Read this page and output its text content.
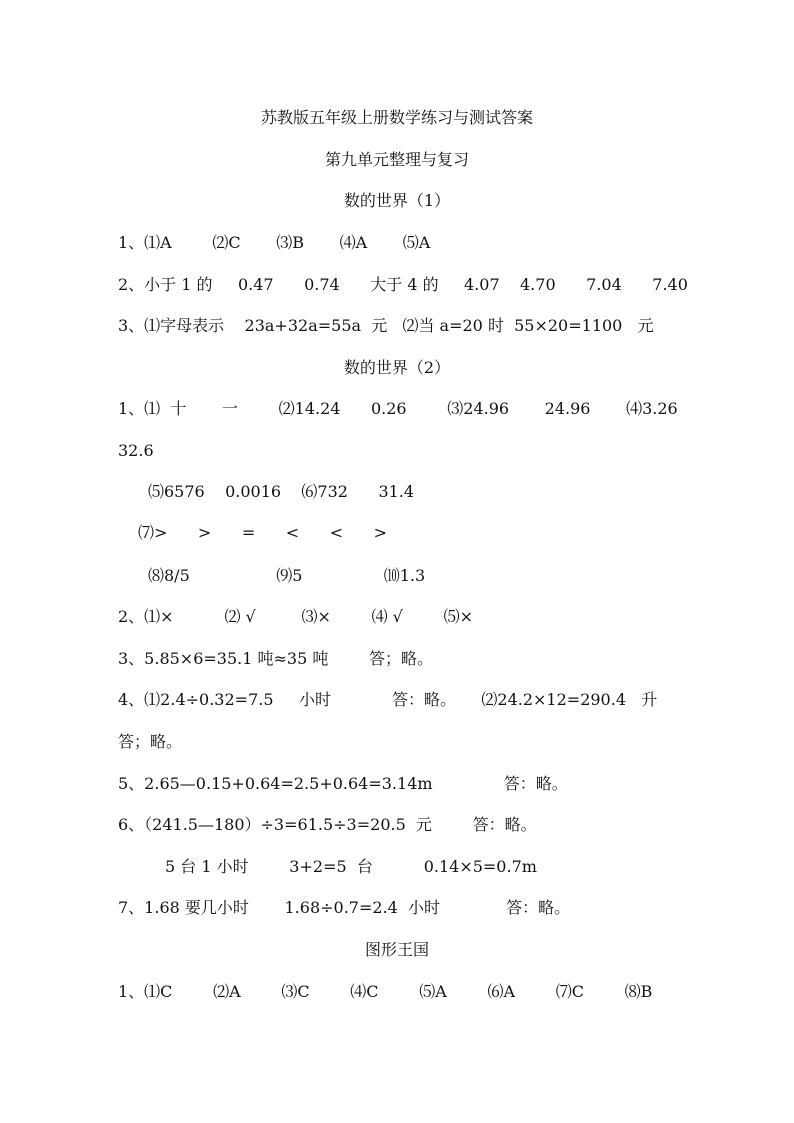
苏教版五年级上册数学练习与测试答案
第九单元整理与复习
数的世界（1）
1、⑴A        ⑵C       ⑶B       ⑷A       ⑸A
2、小于 1 的     0.47      0.74      大于 4 的     4.07    4.70      7.04      7.40
3、⑴字母表示    23a+32a=55a  元   ⑵当 a=20 时  55×20=1100   元
数的世界（2）
1、⑴  十       一        ⑵14.24      0.26        ⑶24.96       24.96       ⑷3.26
32.6
⑸6576    0.0016    ⑹732      31.4
⑺>      >      =      <      <      >
⑻8/5                 ⑼5                ⑽1.3
2、⑴×          ⑵ √         ⑶×        ⑷ √        ⑸×
3、5.85×6=35.1 吨≈35 吨        答；略。
4、⑴2.4÷0.32=7.5     小时            答：略。     ⑵24.2×12=290.4   升
答；略。
5、2.65—0.15+0.64=2.5+0.64=3.14m              答：略。
6、（241.5—180）÷3=61.5÷3=20.5  元        答：略。
5 台 1 小时        3+2=5  台          0.14×5=0.7m
7、1.68 要几小时       1.68÷0.7=2.4  小时             答：略。
图形王国
1、⑴C        ⑵A        ⑶C        ⑷C        ⑸A        ⑹A        ⑺C        ⑻B
